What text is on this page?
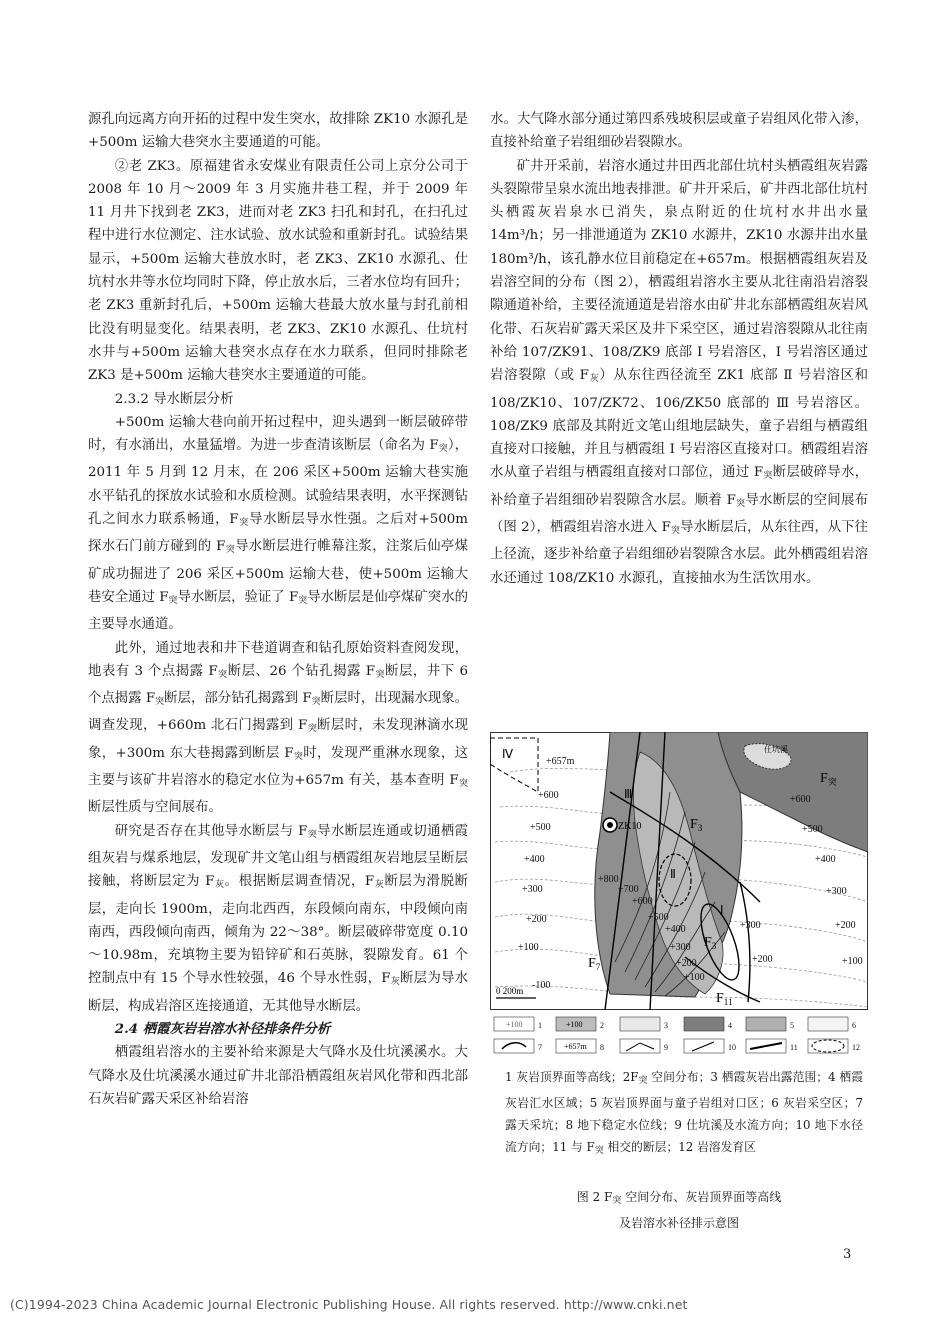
源孔向远离方向开拓的过程中发生突水，故排除 ZK10 水源孔是+500m 运输大巷突水主要通道的可能。

②老 ZK3。原福建省永安煤业有限责任公司上京分公司于 2008 年 10 月～2009 年 3 月实施井巷工程，并于 2009 年 11 月井下找到老 ZK3，进而对老 ZK3 扫孔和封孔，在扫孔过程中进行水位测定、注水试验、放水试验和重新封孔。试验结果显示，+500m 运输大巷放水时，老 ZK3、ZK10 水源孔、仕坑村水井等水位均同时下降，停止放水后，三者水位均有回升；老 ZK3 重新封孔后，+500m 运输大巷最大放水量与封孔前相比没有明显变化。结果表明，老 ZK3、ZK10 水源孔、仕坑村水井与+500m 运输大巷突水点存在水力联系，但同时排除老 ZK3 是+500m 运输大巷突水主要通道的可能。

2.3.2 导水断层分析

+500m 运输大巷向前开拓过程中，迎头遇到一断层破碎带时，有水涌出，水量猛增。为进一步查清该断层（命名为 $F_突$），2011 年 5 月到 12 月末，在 206 采区+500m 运输大巷实施水平钻孔的探放水试验和水质检测。试验结果表明，水平探测钻孔之间水力联系畅通，$F_突$导水断层导水性强。之后对+500m 探水石门前方碰到的 $F_突$导水断层进行帷幕注浆，注浆后仙亭煤矿成功掘进了 206 采区+500m 运输大巷，使+500m 运输大巷安全通过 $F_突$导水断层，验证了 $F_突$导水断层是仙亭煤矿突水的主要导水通道。

此外，通过地表和井下巷道调查和钻孔原始资料查阅发现，地表有 3 个点揭露 $F_突$断层、26 个钻孔揭露 $F_突$断层，井下 6 个点揭露 $F_突$断层，部分钻孔揭露到 $F_突$断层时，出现漏水现象。调查发现，+660m 北石门揭露到 $F_突$断层时，未发现淋滴水现象，+300m 东大巷揭露到断层 $F_突$时，发现严重淋水现象，这主要与该矿井岩溶水的稳定水位为+657m 有关，基本查明 $F_突$断层性质与空间展布。

研究是否存在其他导水断层与 $F_突$导水断层连通或切通栖霞组灰岩与煤系地层，发现矿井文笔山组与栖霞组灰岩地层呈断层接触，将断层定为 $F_灰$。根据断层调查情况，$F_灰$断层为滑脱断层，走向长 1900m，走向北西西，东段倾向南东，中段倾向南南西，西段倾向南西，倾角为 22～38°。断层破碎带宽度 0.10～10.98m，充填物主要为铅锌矿和石英脉，裂隙发育。61 个控制点中有 15 个导水性较强，46 个导水性弱，$F_灰$断层为导水断层，构成岩溶区连接通道，无其他导水断层。

2.4 栖霞灰岩岩溶水补径排条件分析

栖霞组岩溶水的主要补给来源是大气降水及仕坑溪溪水。大气降水及仕坑溪溪水通过矿井北部沿栖霞组灰岩风化带和西北部石灰岩矿露天采区补给岩溶

水。大气降水部分通过第四系残坡积层或童子岩组风化带入渗，直接补给童子岩组细砂岩裂隙水。

矿井开采前，岩溶水通过井田西北部仕坑村头栖霞组灰岩露头裂隙带呈泉水流出地表排泄。矿井开采后，矿井西北部仕坑村头栖霞灰岩泉水已消失，泉点附近的仕坑村水井出水量 14m³/h；另一排泄通道为 ZK10 水源井，ZK10 水源井出水量 180m³/h，该孔静水位目前稳定在+657m。根据栖霞组灰岩及岩溶空间的分布（图 2），栖霞组岩溶水主要从北往南沿岩溶裂隙通道补给，主要径流通道是岩溶水由矿井北东部栖霞组灰岩风化带、石灰岩矿露天采区及井下采空区，通过岩溶裂隙从北往南补给 107/ZK91、108/ZK9 底部 Ⅰ 号岩溶区，Ⅰ 号岩溶区通过岩溶裂隙（或 $F_灰$）从东往西径流至 ZK1 底部 Ⅱ 号岩溶区和 108/ZK10、107/ZK72、106/ZK50 底部的 Ⅲ 号岩溶区。108/ZK9 底部及其附近文笔山组地层缺失，童子岩组与栖霞组直接对口接触，并且与栖霞组 Ⅰ 号岩溶区直接对口。栖霞组岩溶水从童子岩组与栖霞组直接对口部位，通过 $F_突$断层破碎导水，补给童子岩组细砂岩裂隙含水层。顺着 $F_突$导水断层的空间展布（图 2），栖霞组岩溶水进入 $F_突$导水断层后，从东往西，从下往上径流，逐步补给童子岩组细砂岩裂隙含水层。此外栖霞组岩溶水还通过 108/ZK10 水源孔，直接抽水为生活饮用水。

+657m
+600
+500
+400
+300
+200
+100
-100
+800
+700
+600
+500
+400
+300
+200
+100
+600
+500
+400
+300
+200
+100
+300
+200
Ⅳ
Ⅲ
Ⅱ
Ⅰ
ZK10
仕坑溪
$F_3$
$F_7$
$F_3$
$F_{11}$
$F_突$
0 200m
+100	+100
+657m
1	2	3	4	5	6
7	8	9	10	11	12
1 灰岩顶界面等高线；$2F_突$ 空间分布；3 栖霞灰岩出露范围；4 栖霞灰岩汇水区域；5 灰岩顶界面与童子岩组对口区；6 灰岩采空区；7 露天采坑；8 地下稳定水位线；9 仕坑溪及水流方向；10 地下水径流方向；11 与 $F_突$ 相交的断层；12 岩溶发育区
图 2 $F_突$ 空间分布、灰岩顶界面等高线
及岩溶水补径排示意图
3
(C)1994-2023 China Academic Journal Electronic Publishing House. All rights reserved. http://www.cnki.net
